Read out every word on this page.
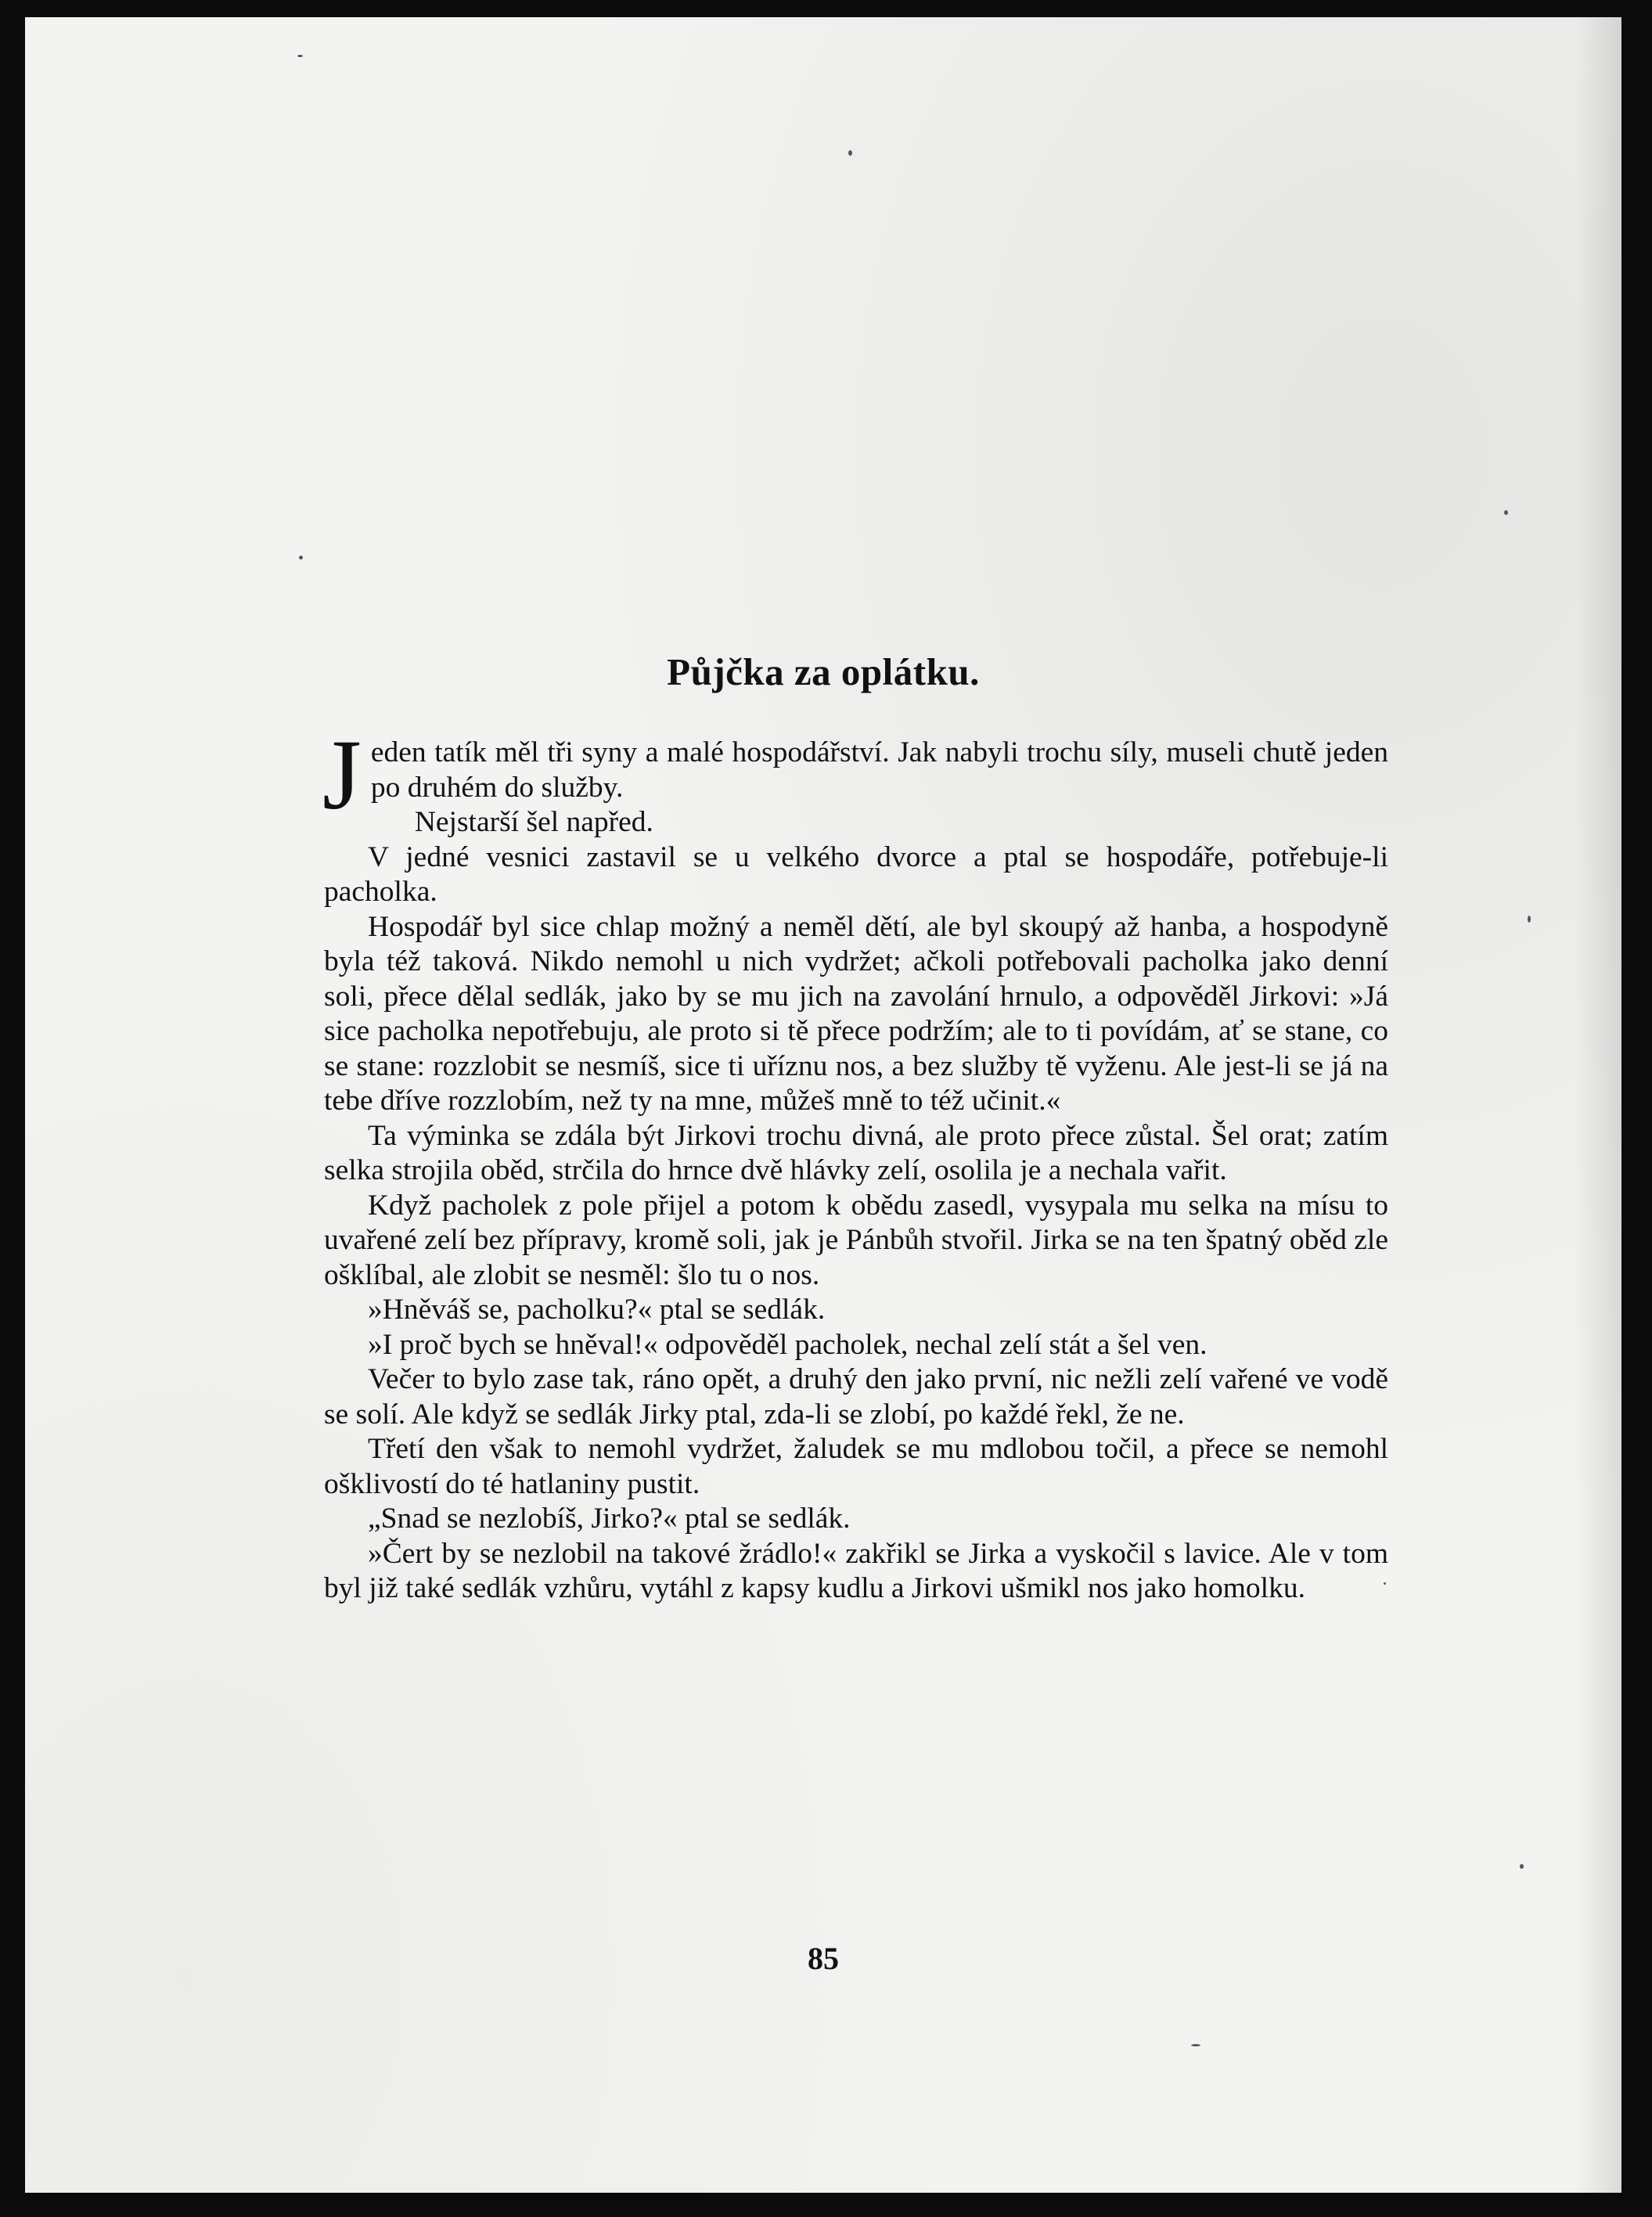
Půjčka za oplátku.

Jeden tatík měl tři syny a malé hospodářství. Jak nabyli trochu síly, museli chutě jeden po druhém do služby.

Nejstarší šel napřed.

V jedné vesnici zastavil se u velkého dvorce a ptal se hospodáře, potřebuje-li pacholka.

Hospodář byl sice chlap možný a neměl dětí, ale byl skoupý až hanba, a hospodyně byla též taková. Nikdo nemohl u nich vydržet; ačkoli potřebovali pacholka jako denní soli, přece dělal sedlák, jako by se mu jich na zavolání hrnulo, a odpověděl Jirkovi: »Já sice pacholka nepotřebuju, ale proto si tě přece podržím; ale to ti povídám, ať se stane, co se stane: rozzlobit se nesmíš, sice ti uříznu nos, a bez služby tě vyženu. Ale jest-li se já na tebe dříve rozzlobím, než ty na mne, můžeš mně to též učinit.«

Ta výminka se zdála být Jirkovi trochu divná, ale proto přece zůstal. Šel orat; zatím selka strojila oběd, strčila do hrnce dvě hlávky zelí, osolila je a nechala vařit.

Když pacholek z pole přijel a potom k obědu zasedl, vysypala mu selka na mísu to uvařené zelí bez přípravy, kromě soli, jak je Pánbůh stvořil. Jirka se na ten špatný oběd zle ošklíbal, ale zlobit se nesměl: šlo tu o nos.

»Hněváš se, pacholku?« ptal se sedlák.

»I proč bych se hněval!« odpověděl pacholek, nechal zelí stát a šel ven.

Večer to bylo zase tak, ráno opět, a druhý den jako první, nic nežli zelí vařené ve vodě se solí. Ale když se sedlák Jirky ptal, zda-li se zlobí, po každé řekl, že ne.

Třetí den však to nemohl vydržet, žaludek se mu mdlobou točil, a přece se nemohl ošklivostí do té hatlaniny pustit.

„Snad se nezlobíš, Jirko?« ptal se sedlák.

»Čert by se nezlobil na takové žrádlo!« zakřikl se Jirka a vyskočil s lavice. Ale v tom byl již také sedlák vzhůru, vytáhl z kapsy kudlu a Jirkovi ušmikl nos jako homolku.

85
